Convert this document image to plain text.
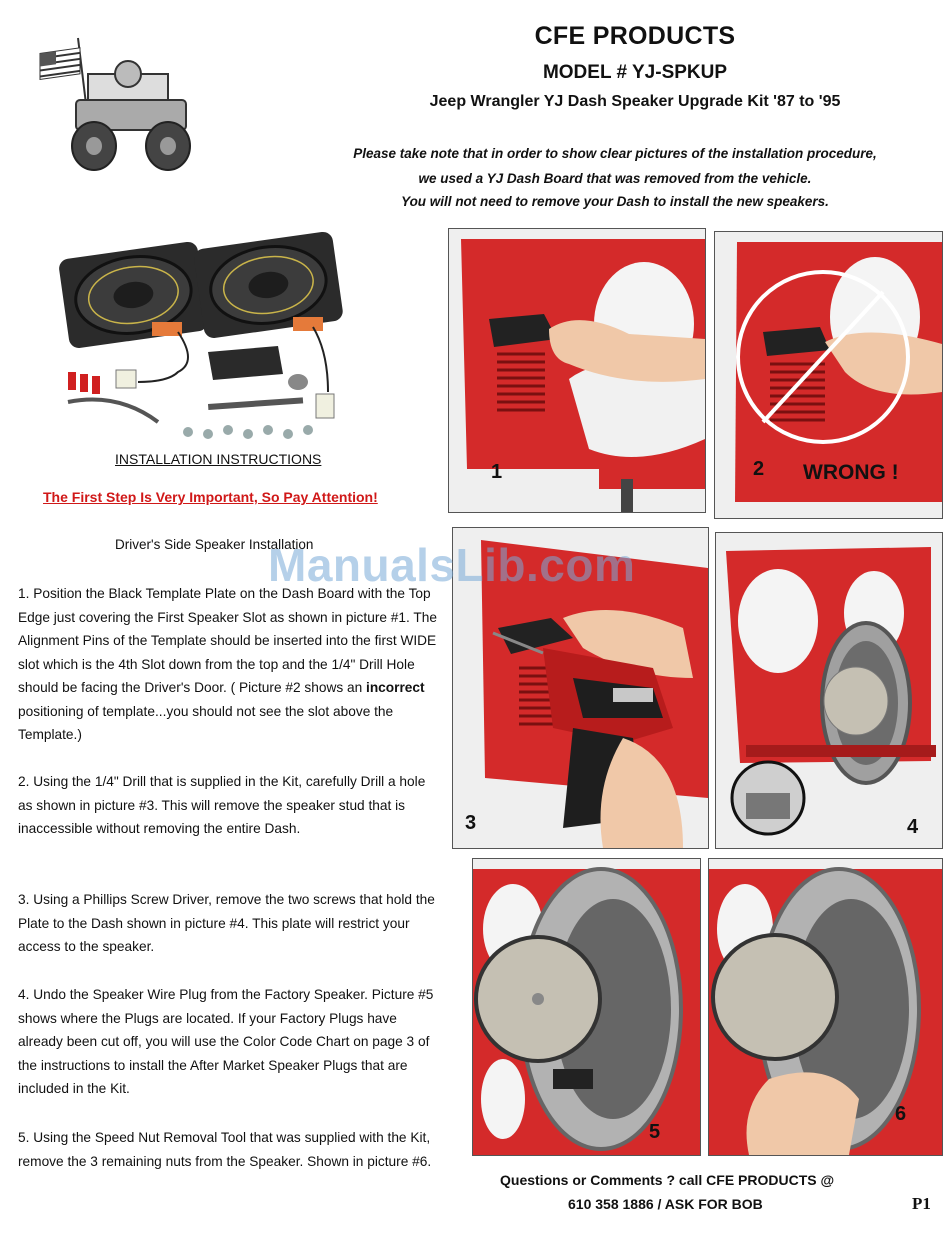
CFE PRODUCTS
MODEL # YJ-SPKUP
Jeep Wrangler YJ Dash Speaker Upgrade Kit '87 to '95
Please take note that in order to show clear pictures of the installation procedure,
we used a YJ Dash Board that was removed from the vehicle.
You will not need to remove your Dash to install the new speakers.
INSTALLATION INSTRUCTIONS
The First Step Is Very Important, So Pay Attention!
Driver's Side Speaker Installation
1. Position the Black Template Plate on the Dash Board with the Top Edge just covering the First Speaker Slot as shown in picture #1. The Alignment Pins of the Template should be inserted into the first WIDE slot which is the 4th Slot down from the top and the 1/4" Drill Hole should be facing the Driver's Door. ( Picture #2 shows an incorrect positioning of template...you should not see the slot above the Template.)
2. Using the 1/4" Drill that is supplied in the Kit, carefully Drill a hole as shown in picture #3. This will remove the speaker stud that is inaccessible without removing the entire Dash.
3. Using a Phillips Screw Driver, remove the two screws that hold the Plate to the Dash shown in picture #4. This plate will restrict your access to the speaker.
4. Undo the Speaker Wire Plug from the Factory Speaker. Picture #5 shows where the Plugs are located. If your Factory Plugs have already been cut off, you will use the Color Code Chart on page 3 of the instructions to install the After Market Speaker Plugs that are included in the Kit.
5. Using the Speed Nut Removal Tool that was supplied with the Kit, remove the 3 remaining nuts from the Speaker. Shown in picture #6.
1	2 WRONG !
3	4
5
6
ManualsLib.com
Questions or Comments ? call CFE PRODUCTS @
610 358 1886 / ASK FOR BOB	P1
